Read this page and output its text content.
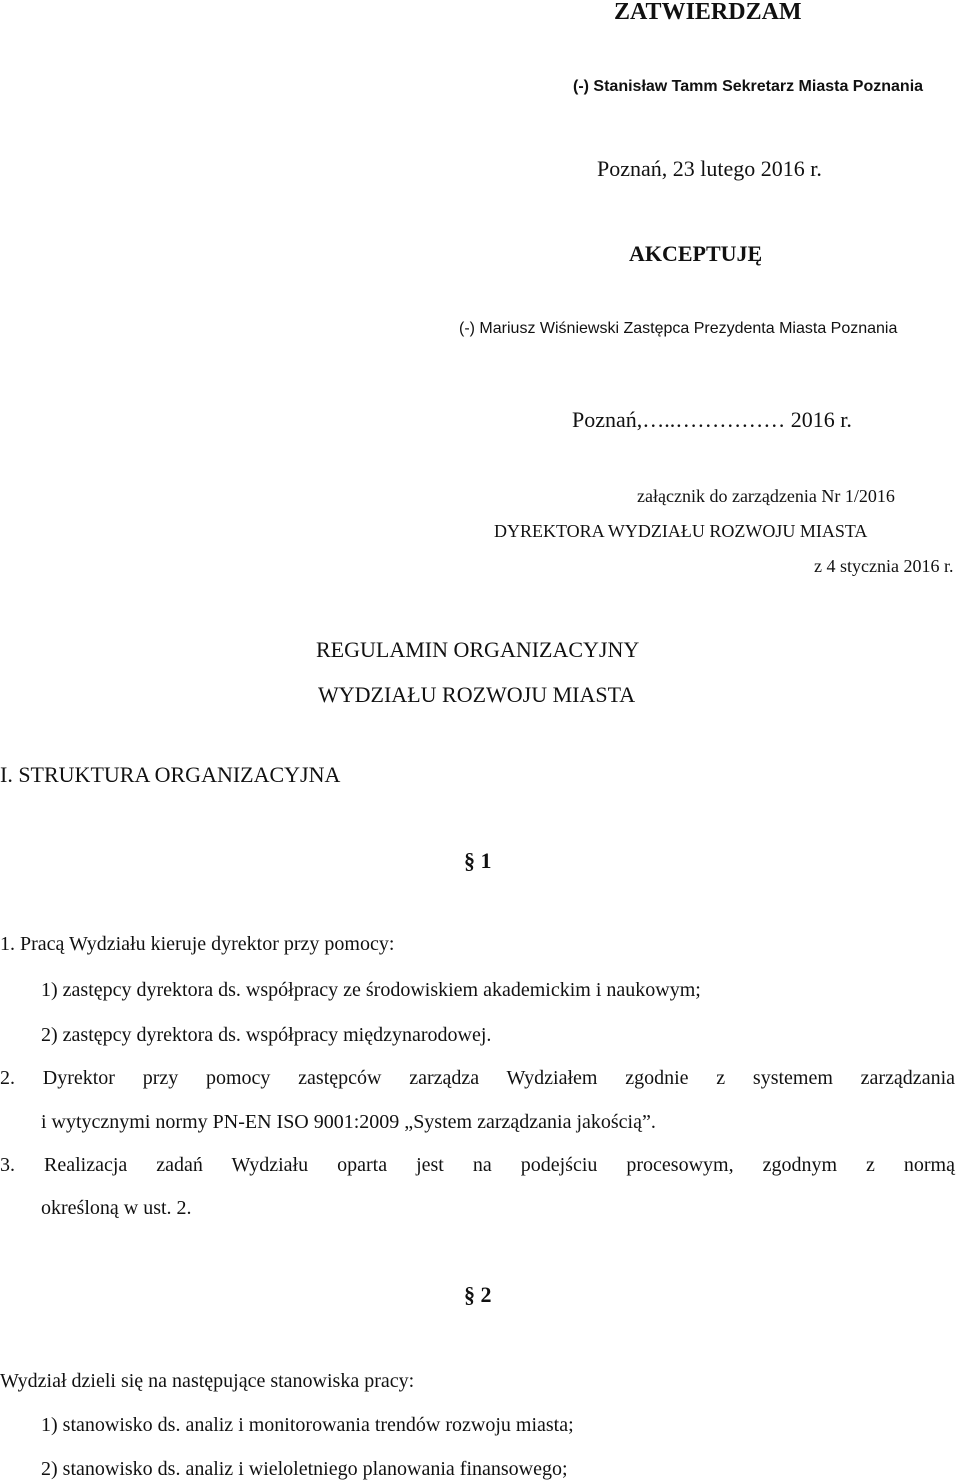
ZATWIERDZAM
(-) Stanisław Tamm Sekretarz Miasta Poznania
Poznań, 23 lutego 2016 r.
AKCEPTUJĘ
(-) Mariusz Wiśniewski Zastępca Prezydenta Miasta Poznania
Poznań,…..…………… 2016 r.
załącznik do zarządzenia Nr 1/2016
DYREKTORA WYDZIAŁU ROZWOJU MIASTA
z 4 stycznia 2016 r.
REGULAMIN ORGANIZACYJNY
WYDZIAŁU ROZWOJU MIASTA
I. STRUKTURA ORGANIZACYJNA
§ 1
1. Pracą Wydziału kieruje dyrektor przy pomocy:
1) zastępcy dyrektora ds. współpracy ze środowiskiem akademickim i naukowym;
2) zastępcy dyrektora ds. współpracy międzynarodowej.
2. Dyrektor przy pomocy zastępców zarządza Wydziałem zgodnie z systemem zarządzania
i wytycznymi normy PN-EN ISO 9001:2009 „System zarządzania jakością”.
3. Realizacja zadań Wydziału oparta jest na podejściu procesowym, zgodnym z normą
określoną w ust. 2.
§ 2
Wydział dzieli się na następujące stanowiska pracy:
1) stanowisko ds. analiz i monitorowania trendów rozwoju miasta;
2) stanowisko ds. analiz i wieloletniego planowania finansowego;
